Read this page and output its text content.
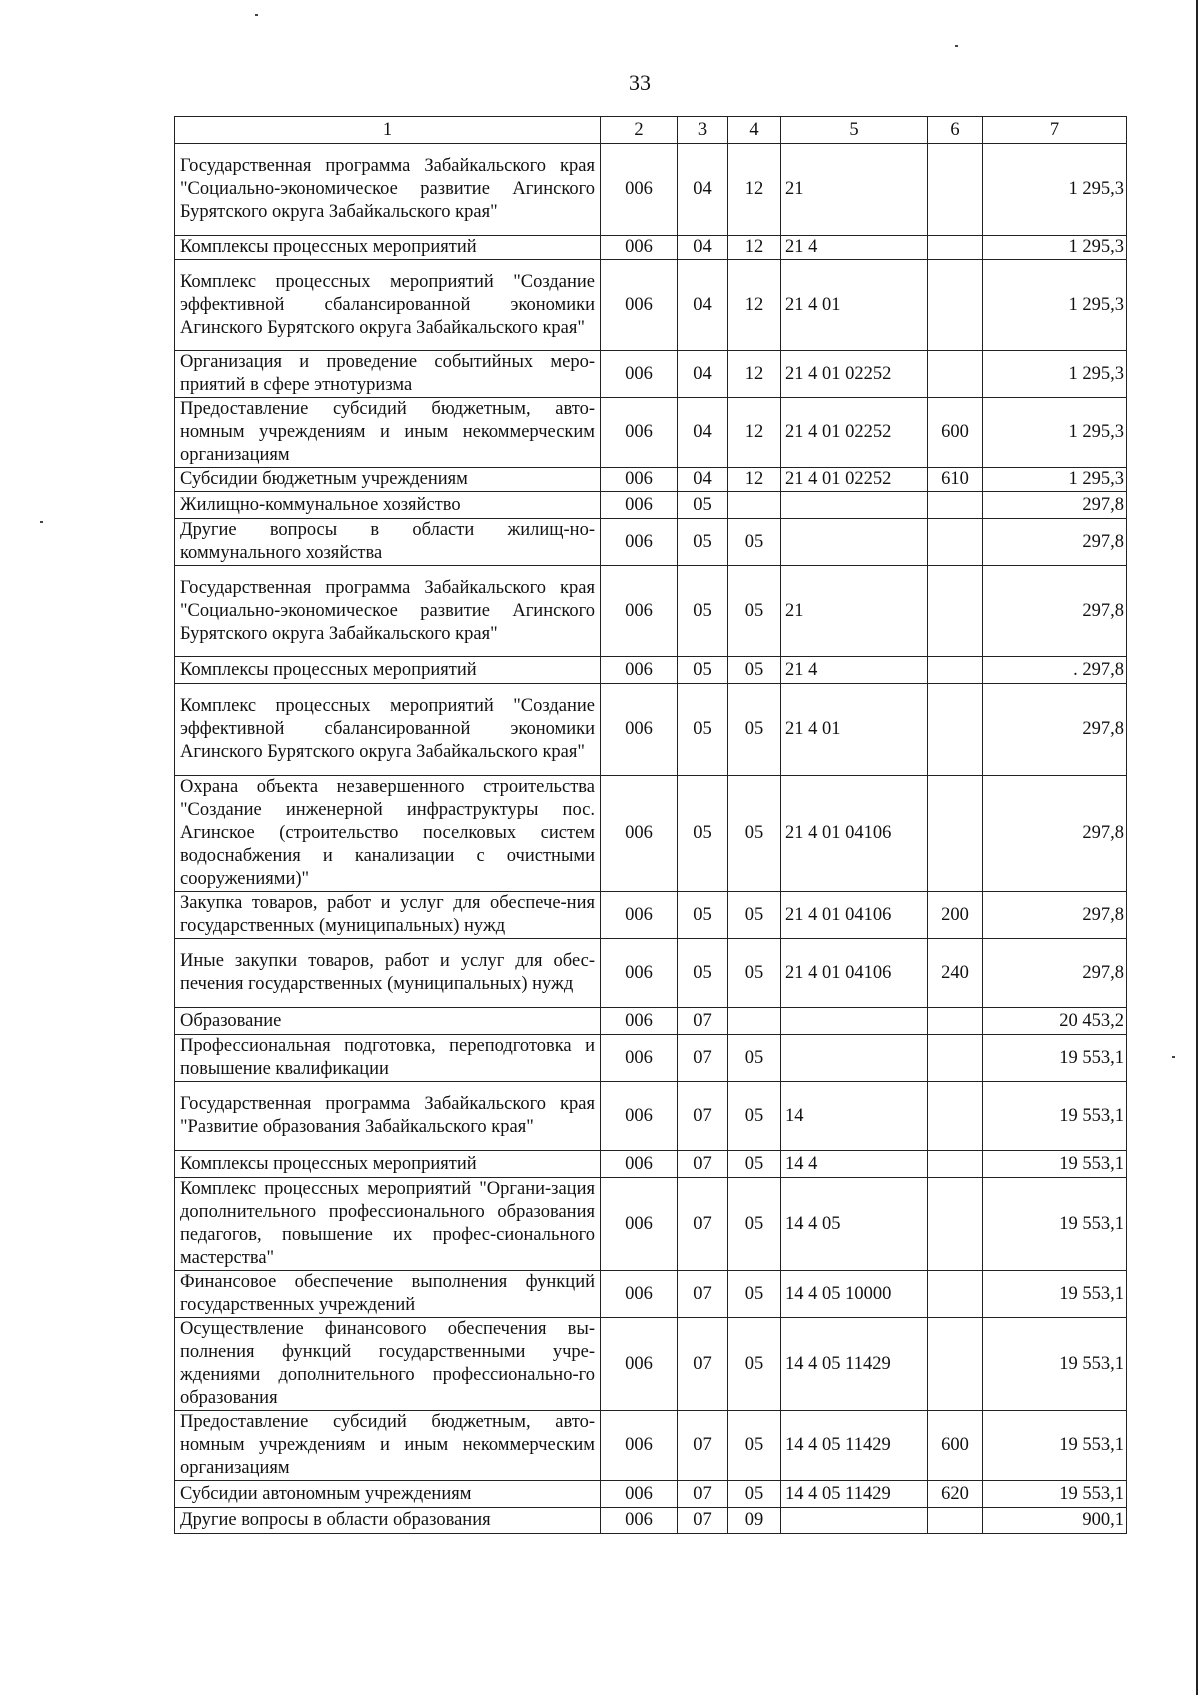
33
1	2	3	4	5	6	7
Государственная программа Забайкальского края "Социально-экономическое развитие Агинского Бурятского округа Забайкальского края"	006	04	12	21		1 295,3
Комплексы процессных мероприятий	006	04	12	21 4		1 295,3
Комплекс процессных мероприятий "Создание эффективной сбалансированной экономики Агинского Бурятского округа Забайкальского края"	006	04	12	21 4 01		1 295,3
Организация и проведение событийных меро-приятий в сфере этнотуризма	006	04	12	21 4 01 02252		1 295,3
Предоставление субсидий бюджетным, авто-номным учреждениям и иным некоммерческим организациям	006	04	12	21 4 01 02252	600	1 295,3
Субсидии бюджетным учреждениям	006	04	12	21 4 01 02252	610	1 295,3
Жилищно-коммунальное хозяйство	006	05				297,8
Другие вопросы в области жилищ-но-коммунального хозяйства	006	05	05			297,8
Государственная программа Забайкальского края "Социально-экономическое развитие Агинского Бурятского округа Забайкальского края"	006	05	05	21		297,8
Комплексы процессных мероприятий	006	05	05	21 4		. 297,8
Комплекс процессных мероприятий "Создание эффективной сбалансированной экономики Агинского Бурятского округа Забайкальского края"	006	05	05	21 4 01		297,8
Охрана объекта незавершенного строительства "Создание инженерной инфраструктуры пос. Агинское (строительство поселковых систем водоснабжения и канализации с очистными сооружениями)"	006	05	05	21 4 01 04106		297,8
Закупка товаров, работ и услуг для обеспече-ния государственных (муниципальных) нужд	006	05	05	21 4 01 04106	200	297,8
Иные закупки товаров, работ и услуг для обес-печения государственных (муниципальных) нужд	006	05	05	21 4 01 04106	240	297,8
Образование	006	07				20 453,2
Профессиональная подготовка, переподготовка и повышение квалификации	006	07	05			19 553,1
Государственная программа Забайкальского края "Развитие образования Забайкальского края"	006	07	05	14		19 553,1
Комплексы процессных мероприятий	006	07	05	14 4		19 553,1
Комплекс процессных мероприятий "Органи-зация дополнительного профессионального образования педагогов, повышение их профес-сионального мастерства"	006	07	05	14 4 05		19 553,1
Финансовое обеспечение выполнения функций государственных учреждений	006	07	05	14 4 05 10000		19 553,1
Осуществление финансового обеспечения вы-полнения функций государственными учре-ждениями дополнительного профессионально-го образования	006	07	05	14 4 05 11429		19 553,1
Предоставление субсидий бюджетным, авто-номным учреждениям и иным некоммерческим организациям	006	07	05	14 4 05 11429	600	19 553,1
Субсидии автономным учреждениям	006	07	05	14 4 05 11429	620	19 553,1
Другие вопросы в области образования	006	07	09			900,1
